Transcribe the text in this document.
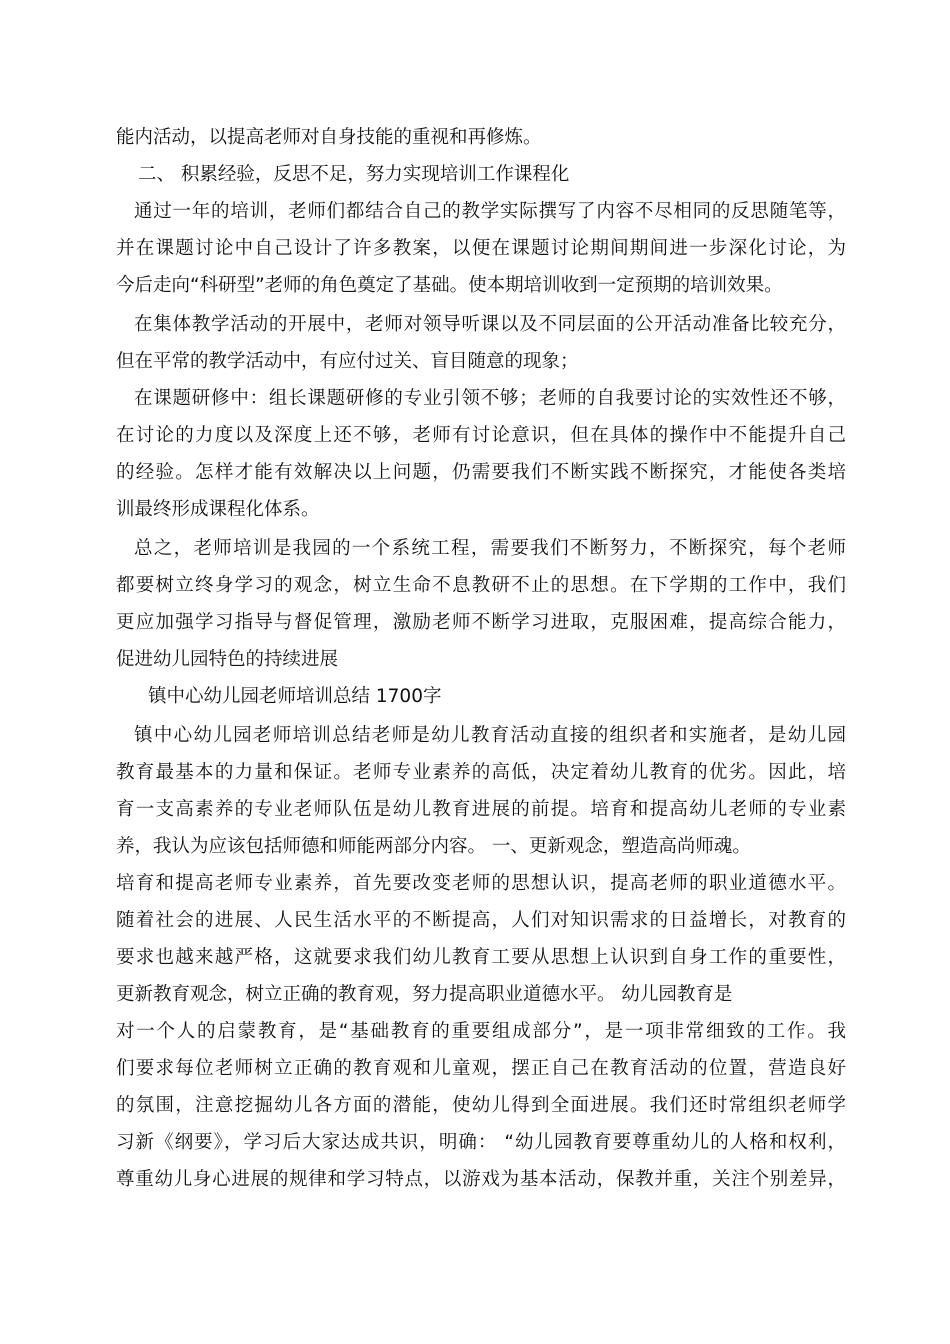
能内活动，以提高老师对自身技能的重视和再修炼。
二、 积累经验，反思不足，努力实现培训工作课程化
通过一年的培训，老师们都结合自己的教学实际撰写了内容不尽相同的反思随笔等，
并在课题讨论中自己设计了许多教案，以便在课题讨论期间期间进一步深化讨论，为
今后走向“科研型”老师的角色奠定了基础。使本期培训收到一定预期的培训效果。
在集体教学活动的开展中，老师对领导听课以及不同层面的公开活动准备比较充分，
但在平常的教学活动中，有应付过关、盲目随意的现象；
在课题研修中：组长课题研修的专业引领不够；老师的自我要讨论的实效性还不够，
在讨论的力度以及深度上还不够，老师有讨论意识，但在具体的操作中不能提升自己
的经验。怎样才能有效解决以上问题，仍需要我们不断实践不断探究，才能使各类培
训最终形成课程化体系。
总之，老师培训是我园的一个系统工程，需要我们不断努力，不断探究，每个老师
都要树立终身学习的观念，树立生命不息教研不止的思想。在下学期的工作中，我们
更应加强学习指导与督促管理，激励老师不断学习进取，克服困难，提高综合能力，
促进幼儿园特色的持续进展
镇中心幼儿园老师培训总结 1700字
镇中心幼儿园老师培训总结老师是幼儿教育活动直接的组织者和实施者，是幼儿园
教育最基本的力量和保证。老师专业素养的高低，决定着幼儿教育的优劣。因此，培
育一支高素养的专业老师队伍是幼儿教育进展的前提。培育和提高幼儿老师的专业素
养，我认为应该包括师德和师能两部分内容。 一、更新观念，塑造高尚师魂。
培育和提高老师专业素养，首先要改变老师的思想认识，提高老师的职业道德水平。
随着社会的进展、人民生活水平的不断提高，人们对知识需求的日益增长，对教育的
要求也越来越严格，这就要求我们幼儿教育工要从思想上认识到自身工作的重要性，
更新教育观念，树立正确的教育观，努力提高职业道德水平。 幼儿园教育是
对一个人的启蒙教育，是“基础教育的重要组成部分”，是一项非常细致的工作。我
们要求每位老师树立正确的教育观和儿童观，摆正自己在教育活动的位置，营造良好
的氛围，注意挖掘幼儿各方面的潜能，使幼儿得到全面进展。我们还时常组织老师学
习新《纲要》，学习后大家达成共识，明确： “幼儿园教育要尊重幼儿的人格和权利，
尊重幼儿身心进展的规律和学习特点，以游戏为基本活动，保教并重，关注个别差异，
